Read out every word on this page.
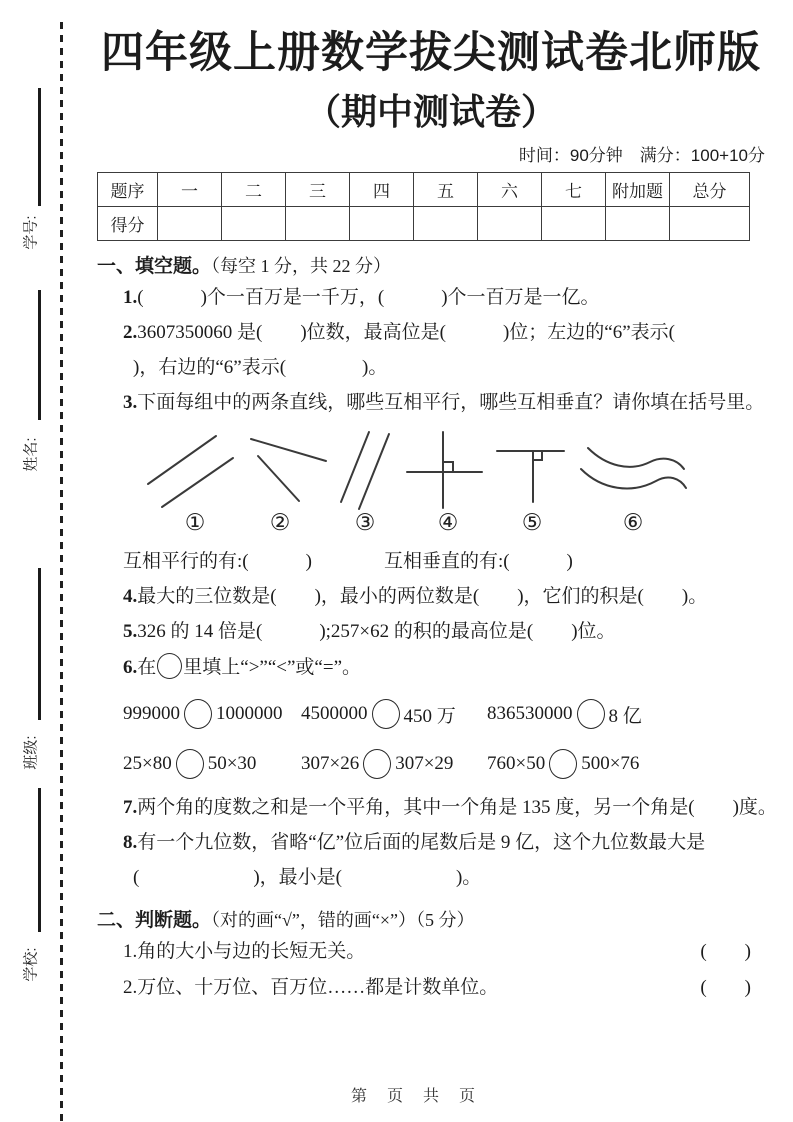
学号:
姓名:
班级:
学校:
四年级上册数学拔尖测试卷北师版
（期中测试卷）
时间：90分钟　满分：100+10分
题序	一	二	三	四	五	六	七	附加题	总分
得分									
一、填空题。（每空 1 分，共 22 分）
1.(　　　)个一百万是一千万，(　　　)个一百万是一亿。
2.3607350060 是(　　)位数，最高位是(　　　)位；左边的“6”表示(
)，右边的“6”表示(　　　　)。
3.下面每组中的两条直线，哪些互相平行，哪些互相垂直？请你填在括号里。
①	②	③	④	⑤	⑥
互相平行的有:(　　　)	互相垂直的有:(　　　)
4.最大的三位数是(　　)，最小的两位数是(　　)，它们的积是(　　)。
5.326 的 14 倍是(　　　);257×62 的积的最高位是(　　)位。
6.在 里填上“>”“<”或“=”。
999000 1000000 4500000 450 万 836530000 8 亿
25×80 50×30 307×26 307×29 760×50 500×76
7.两个角的度数之和是一个平角，其中一个角是 135 度，另一个角是(　　)度。
8.有一个九位数，省略“亿”位后面的尾数后是 9 亿，这个九位数最大是
(　　　　　　)，最小是(　　　　　　)。
二、判断题。（对的画“√”，错的画“×”）（5 分）
1.角的大小与边的长短无关。	(　　)
2.万位、十万位、百万位……都是计数单位。	(　　)
第　页　共　页
